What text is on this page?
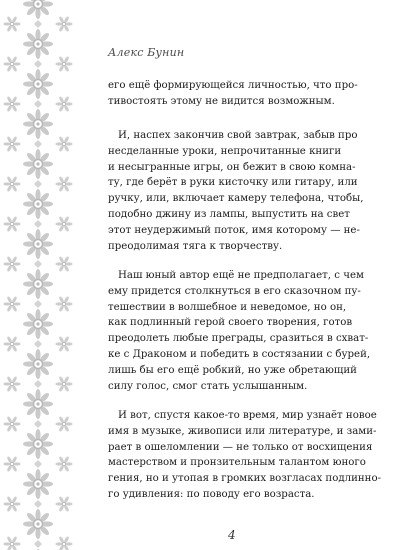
Алекс Бунин
его ещё формирующейся личностью, что про-
тивостоять этому не видится возможным.
И, наспех закончив свой завтрак, забыв про
несделанные уроки, непрочитанные книги
и несыгранные игры, он бежит в свою комна-
ту, где берёт в руки кисточку или гитару, или
ручку, или, включает камеру телефона, чтобы,
подобно джину из лампы, выпустить на свет
этот неудержимый поток, имя которому — не-
преодолимая тяга к творчеству.
Наш юный автор ещё не предполагает, с чем
ему придется столкнуться в его сказочном пу-
тешествии в волшебное и неведомое, но он,
как подлинный герой своего творения, готов
преодолеть любые преграды, сразиться в схват-
ке с Драконом и победить в состязании с бурей,
лишь бы его ещё робкий, но уже обретающий
силу голос, смог стать услышанным.
И вот, спустя какое-то время, мир узнаёт новое
имя в музыке, живописи или литературе, и зами-
рает в ошеломлении — не только от восхищения
мастерством и пронзительным талантом юного
гения, но и утопая в громких возгласах подлинно-
го удивления: по поводу его возраста.
4
